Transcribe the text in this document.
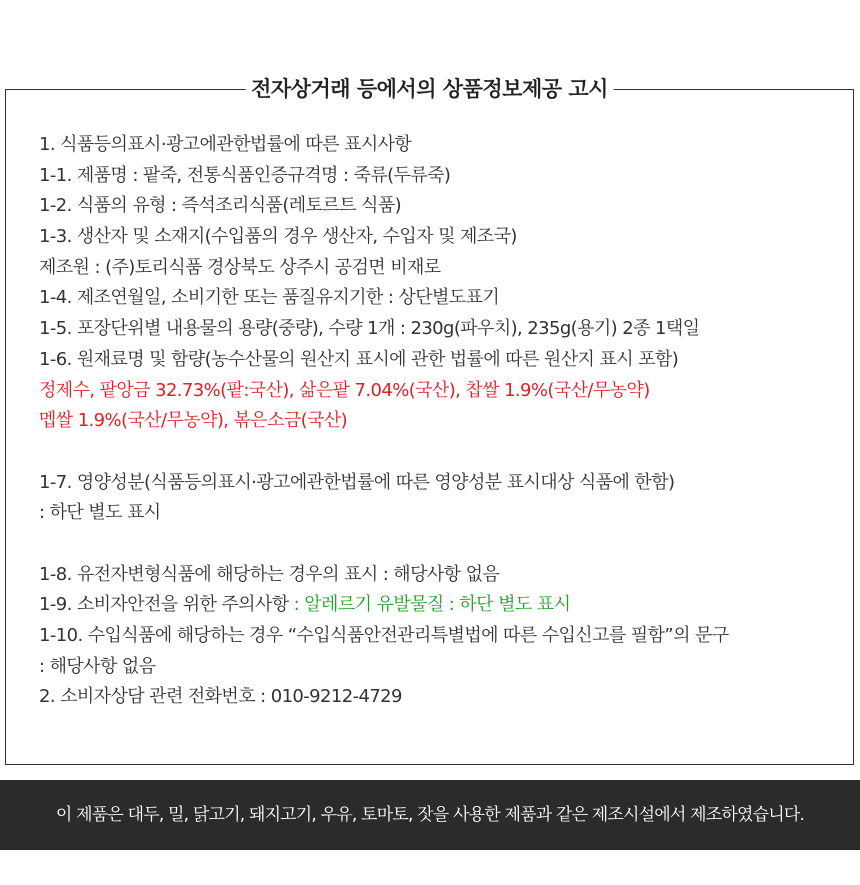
전자상거래 등에서의 상품정보제공 고시
1. 식품등의표시·광고에관한법률에 따른 표시사항
1-1. 제품명 : 팥죽, 전통식품인증규격명 : 죽류(두류죽)
1-2. 식품의 유형 : 즉석조리식품(레토르트 식품)
1-3. 생산자 및 소재지(수입품의 경우 생산자, 수입자 및 제조국)
제조원 : (주)토리식품 경상북도 상주시 공검면 비재로
1-4. 제조연월일, 소비기한 또는 품질유지기한 : 상단별도표기
1-5. 포장단위별 내용물의 용량(중량), 수량 1개 : 230g(파우치), 235g(용기) 2종 1택일
1-6. 원재료명 및 함량(농수산물의 원산지 표시에 관한 법률에 따른 원산지 표시 포함)
정제수, 팥앙금 32.73%(팥:국산), 삶은팥 7.04%(국산), 찹쌀 1.9%(국산/무농약)
멥쌀 1.9%(국산/무농약), 볶은소금(국산)
1-7. 영양성분(식품등의표시·광고에관한법률에 따른 영양성분 표시대상 식품에 한함)
: 하단 별도 표시
1-8. 유전자변형식품에 해당하는 경우의 표시 : 해당사항 없음
1-9. 소비자안전을 위한 주의사항 : 알레르기 유발물질 : 하단 별도 표시
1-10. 수입식품에 해당하는 경우 “수입식품안전관리특별법에 따른 수입신고를 필함”의 문구
: 해당사항 없음
2. 소비자상담 관련 전화번호 : 010-9212-4729
이 제품은 대두, 밀, 닭고기, 돼지고기, 우유, 토마토, 잣을 사용한 제품과 같은 제조시설에서 제조하였습니다.
